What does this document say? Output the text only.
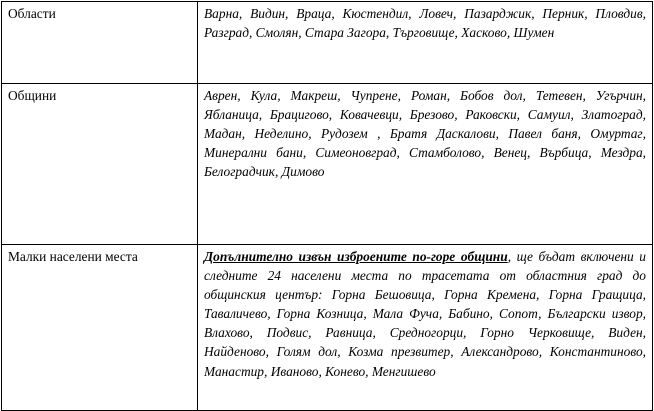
Области	Варна, Видин, Враца, Кюстендил, Ловеч, Пазарджик, Перник, Пловдив, Разград, Смолян, Стара Загора, Търговище, Хасково, Шумен
Общини	Аврен, Кула, Макреш, Чупрене, Роман, Бобов дол, Тетевен, Угърчин, Ябланица, Брацигово, Ковачевци, Брезово, Раковски, Самуил, Златоград, Мадан, Неделино, Рудозем , Братя Даскалови, Павел баня, Омуртаг, Минерални бани, Симеоновград, Стамболово, Венец, Върбица, Мездра, Белоградчик, Димово
Малки населени места	Допълнително извън изброените по-горе общини, ще бъдат включени и следните 24 населени места по трасетата от областния град до общинския център: Горна Бешовица, Горна Кремена, Горна Гращица, Таваличево, Горна Козница, Мала Фуча, Бабино, Сопот, Български извор, Влахово, Подвис, Равница, Средногорци, Горно Черковище, Виден, Найденово, Голям дол, Козма презвитер, Александрово, Константиново, Манастир, Иваново, Конево, Менгишево
